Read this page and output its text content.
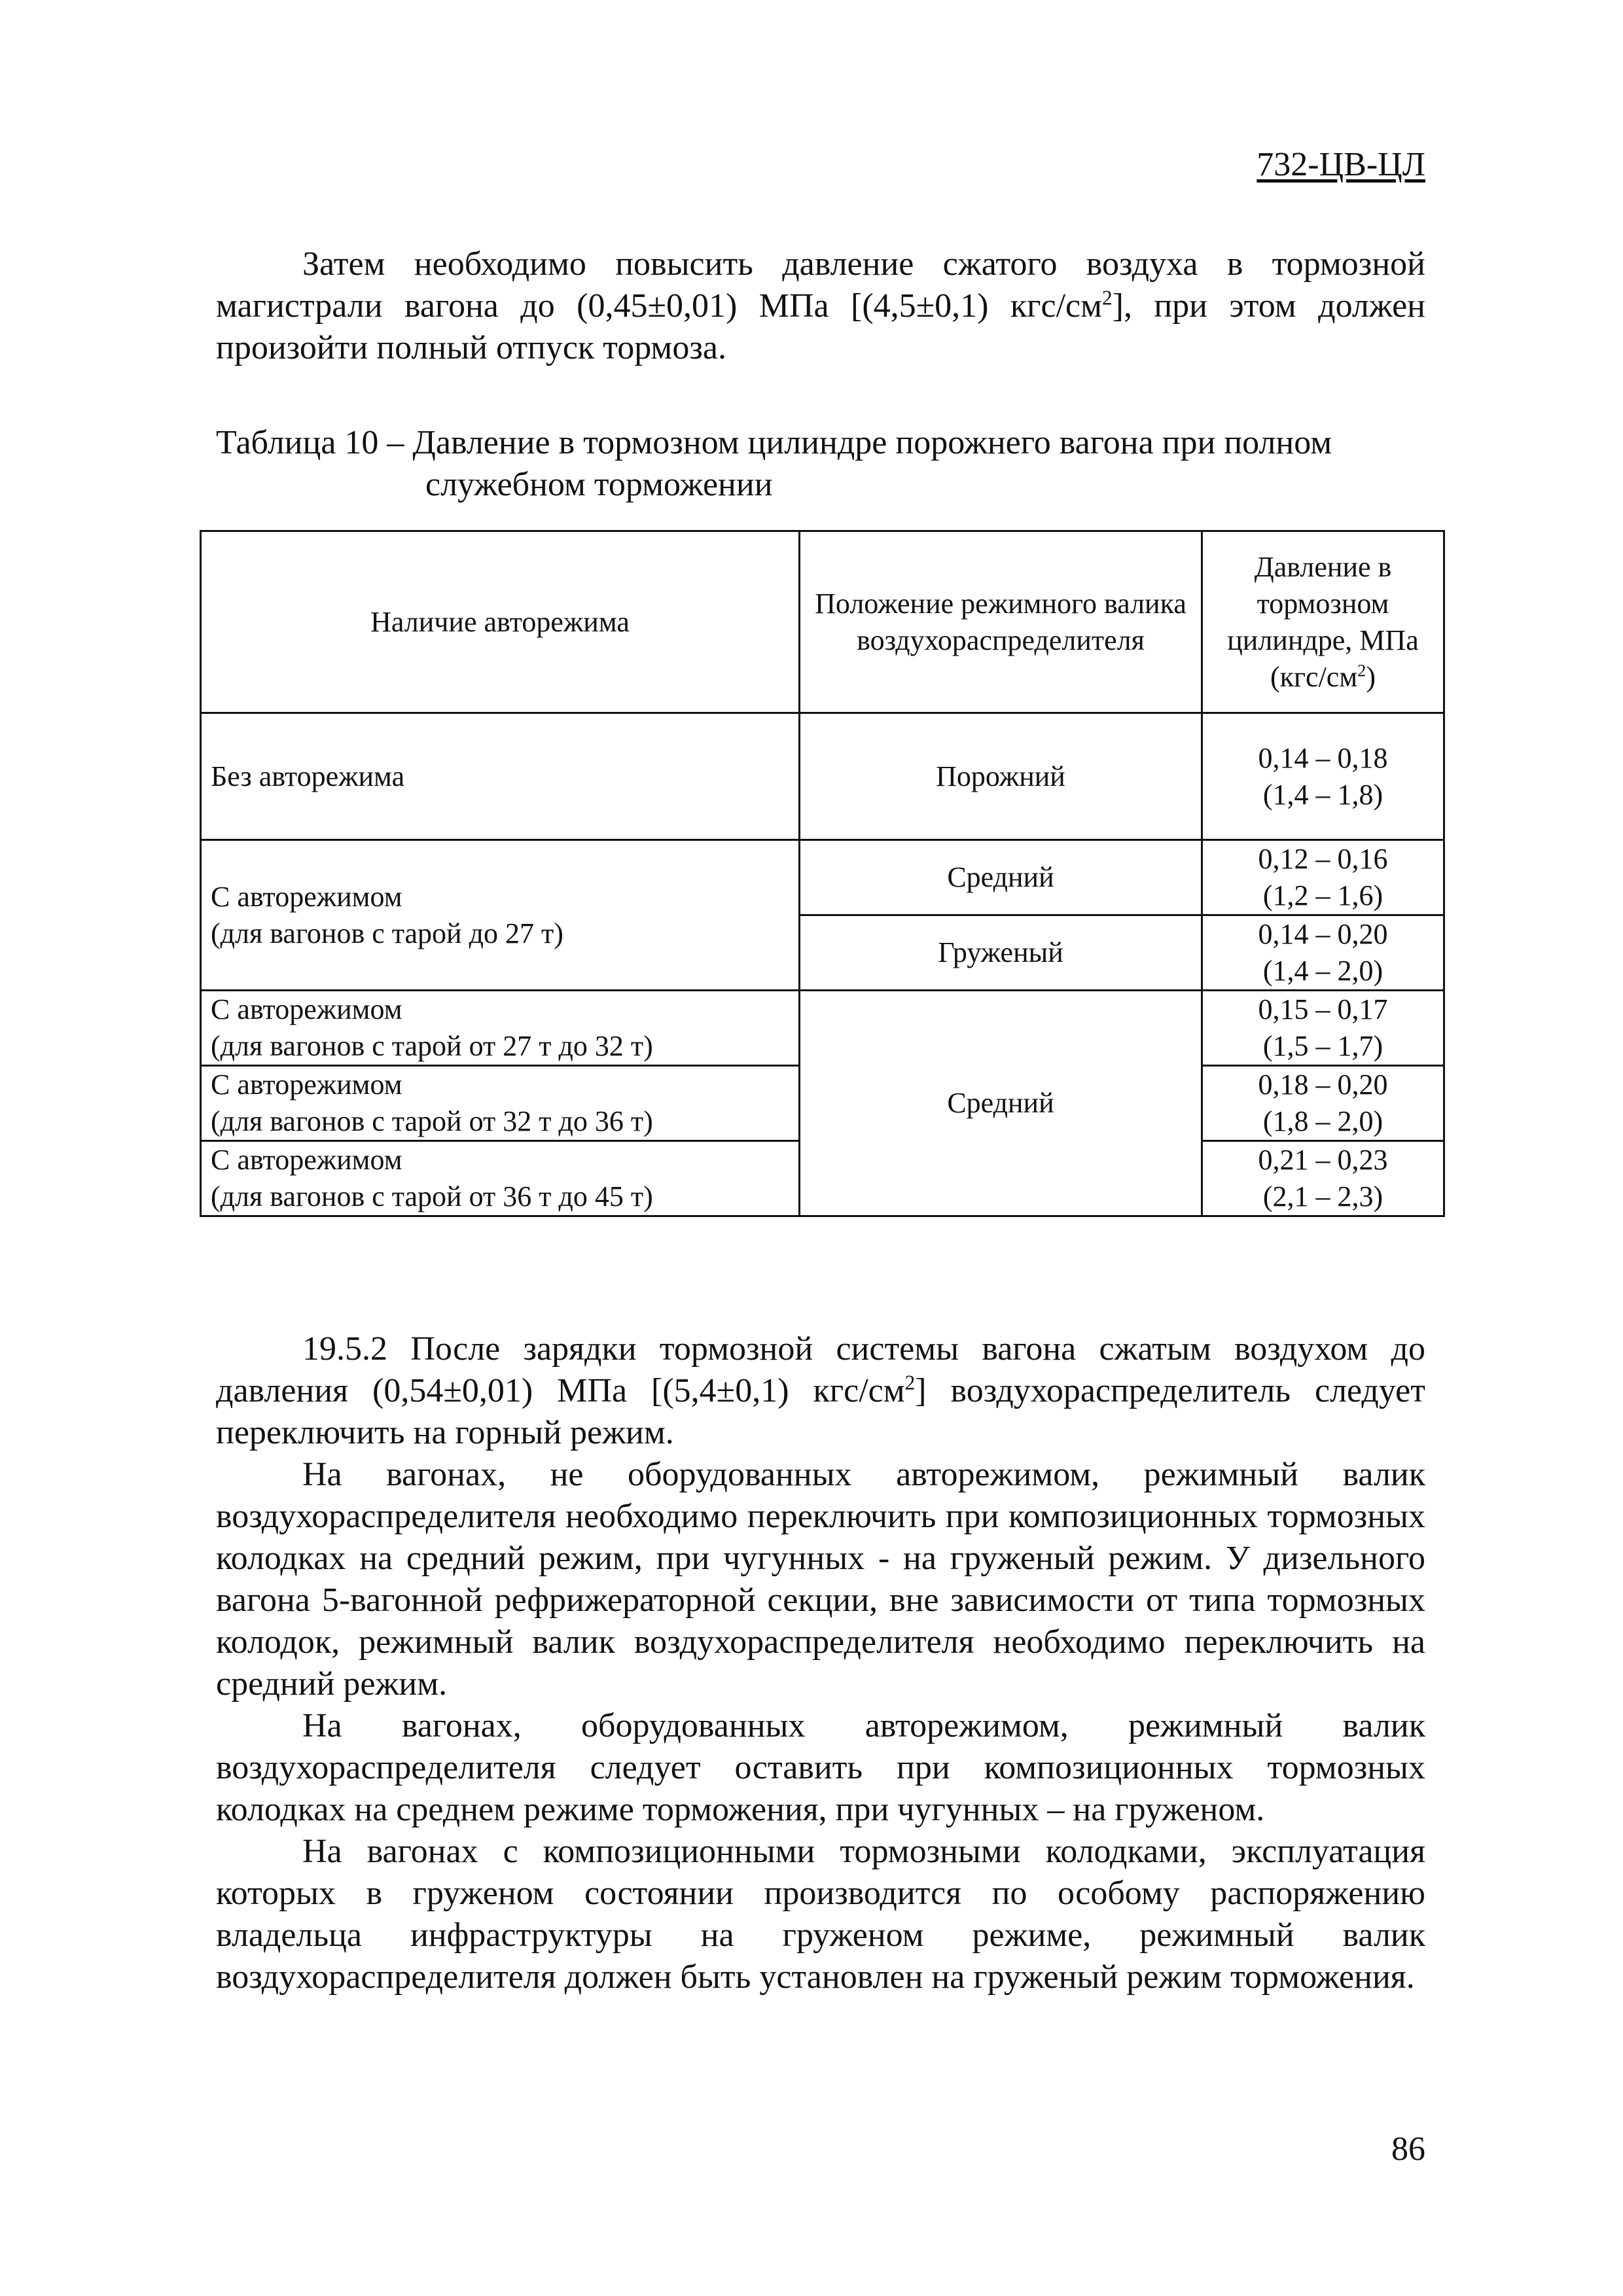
732-ЦВ-ЦЛ

Затем необходимо повысить давление сжатого воздуха в тормозной магистрали вагона до (0,45±0,01) МПа [(4,5±0,1) кгс/$см^2$], при этом должен произойти полный отпуск тормоза.

Таблица 10 – Давление в тормозном цилиндре порожнего вагона при полном
служебном торможении
Наличие авторежима	Положение режимного валика воздухораспределителя	Давление в тормозном цилиндре, МПа $(кгс/см^2)$
Без авторежима	Порожний	0,14 – 0,18
(1,4 – 1,8)
С авторежимом
(для вагонов с тарой до 27 т)	Средний	0,12 – 0,16
(1,2 – 1,6)
	Груженый	0,14 – 0,20
(1,4 – 2,0)
С авторежимом
(для вагонов с тарой от 27 т до 32 т)	Средний	0,15 – 0,17
(1,5 – 1,7)
С авторежимом
(для вагонов с тарой от 32 т до 36 т)		0,18 – 0,20
(1,8 – 2,0)
С авторежимом
(для вагонов с тарой от 36 т до 45 т)		0,21 – 0,23
(2,1 – 2,3)

19.5.2 После зарядки тормозной системы вагона сжатым воздухом до давления (0,54±0,01) МПа [(5,4±0,1) кгс/$см^2$] воздухораспределитель следует переключить на горный режим.

На вагонах, не оборудованных авторежимом, режимный валик воздухораспределителя необходимо переключить при композиционных тормозных колодках на средний режим, при чугунных - на груженый режим. У дизельного вагона 5-вагонной рефрижераторной секции, вне зависимости от типа тормозных колодок, режимный валик воздухораспределителя необходимо переключить на средний режим.

На вагонах, оборудованных авторежимом, режимный валик воздухораспределителя следует оставить при композиционных тормозных колодках на среднем режиме торможения, при чугунных – на груженом.

На вагонах с композиционными тормозными колодками, эксплуатация которых в груженом состоянии производится по особому распоряжению владельца инфраструктуры на груженом режиме, режимный валик воздухораспределителя должен быть установлен на груженый режим торможения.

86
